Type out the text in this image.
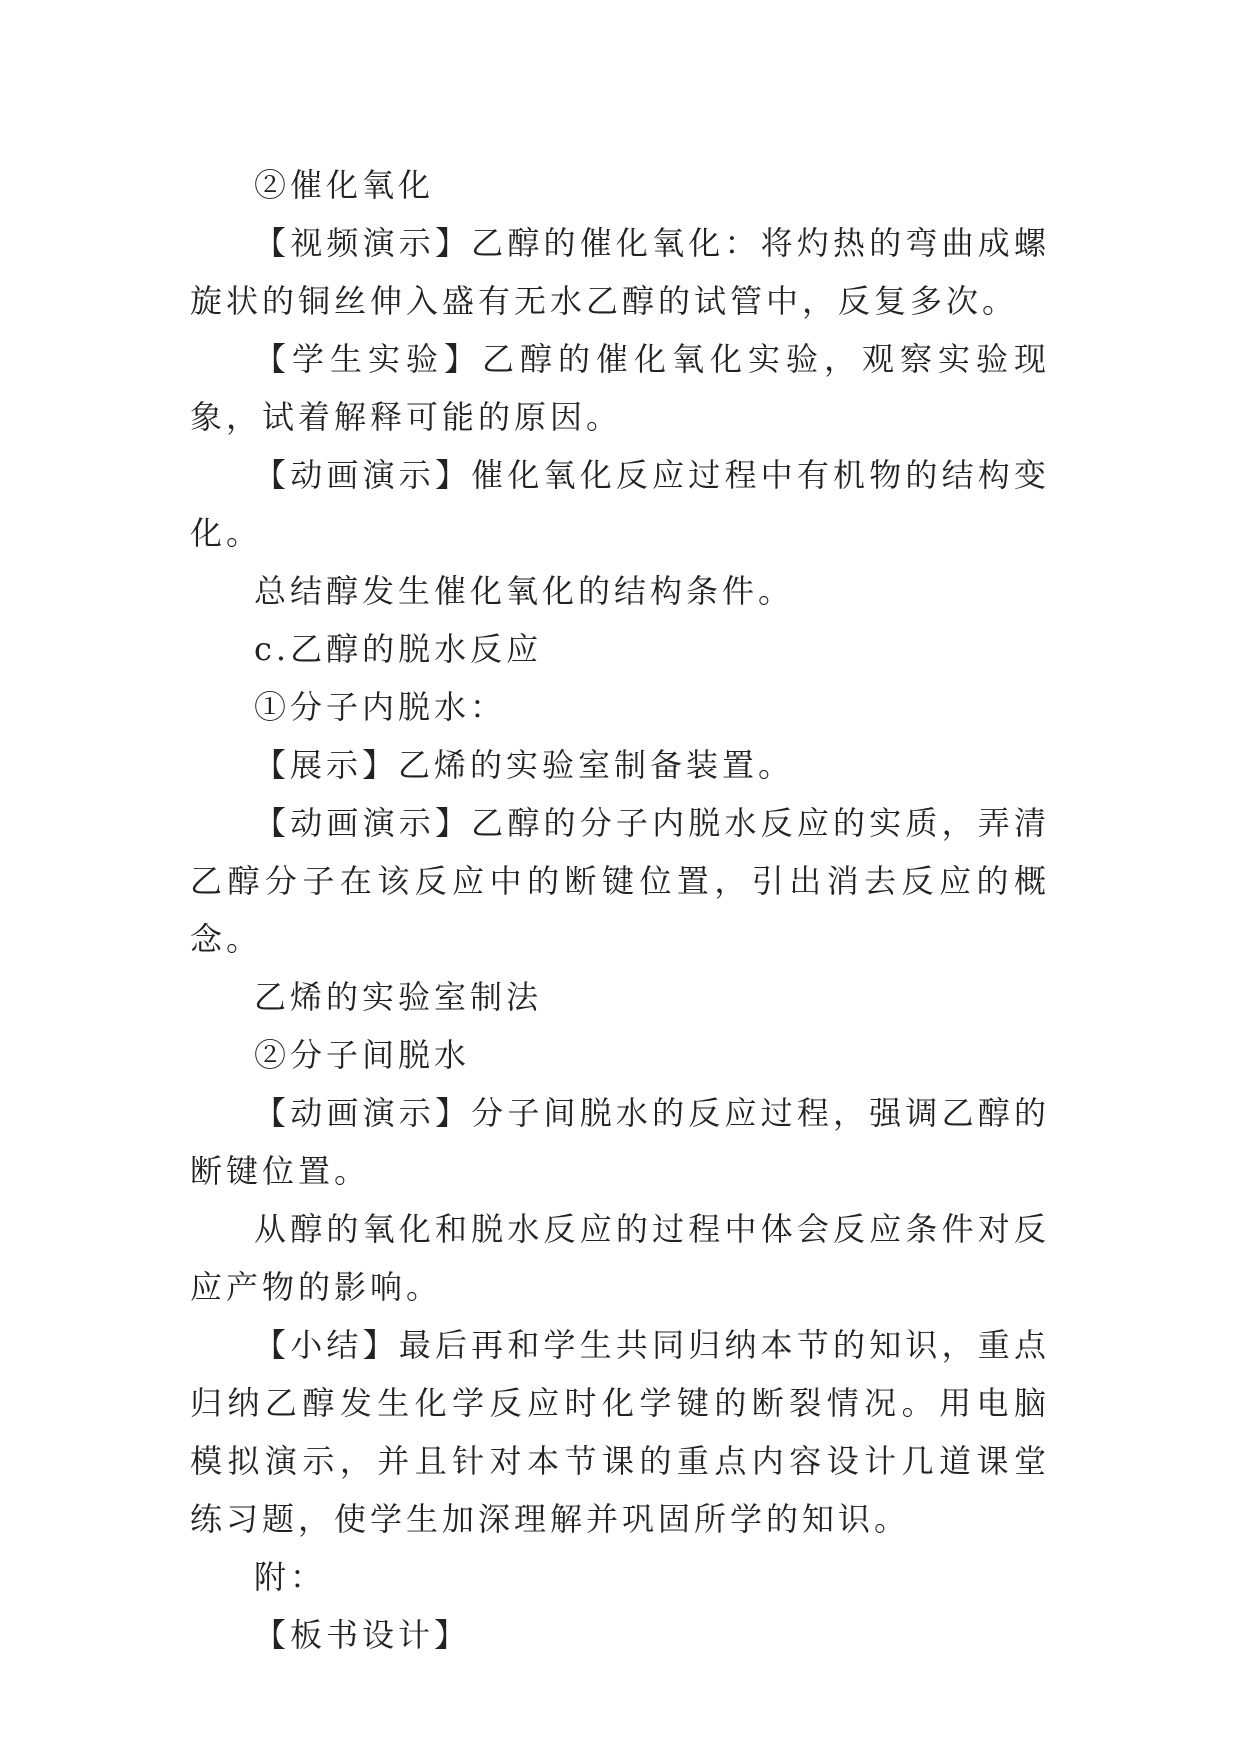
②催化氧化

【视频演示】乙醇的催化氧化：将灼热的弯曲成螺旋状的铜丝伸入盛有无水乙醇的试管中，反复多次。

【学生实验】乙醇的催化氧化实验，观察实验现象，试着解释可能的原因。

【动画演示】催化氧化反应过程中有机物的结构变化。

总结醇发生催化氧化的结构条件。

c.乙醇的脱水反应

①分子内脱水：

【展示】乙烯的实验室制备装置。

【动画演示】乙醇的分子内脱水反应的实质，弄清乙醇分子在该反应中的断键位置，引出消去反应的概念。

乙烯的实验室制法

②分子间脱水

【动画演示】分子间脱水的反应过程，强调乙醇的断键位置。

从醇的氧化和脱水反应的过程中体会反应条件对反应产物的影响。

【小结】最后再和学生共同归纳本节的知识，重点归纳乙醇发生化学反应时化学键的断裂情况。用电脑模拟演示，并且针对本节课的重点内容设计几道课堂练习题，使学生加深理解并巩固所学的知识。

附：

【板书设计】
